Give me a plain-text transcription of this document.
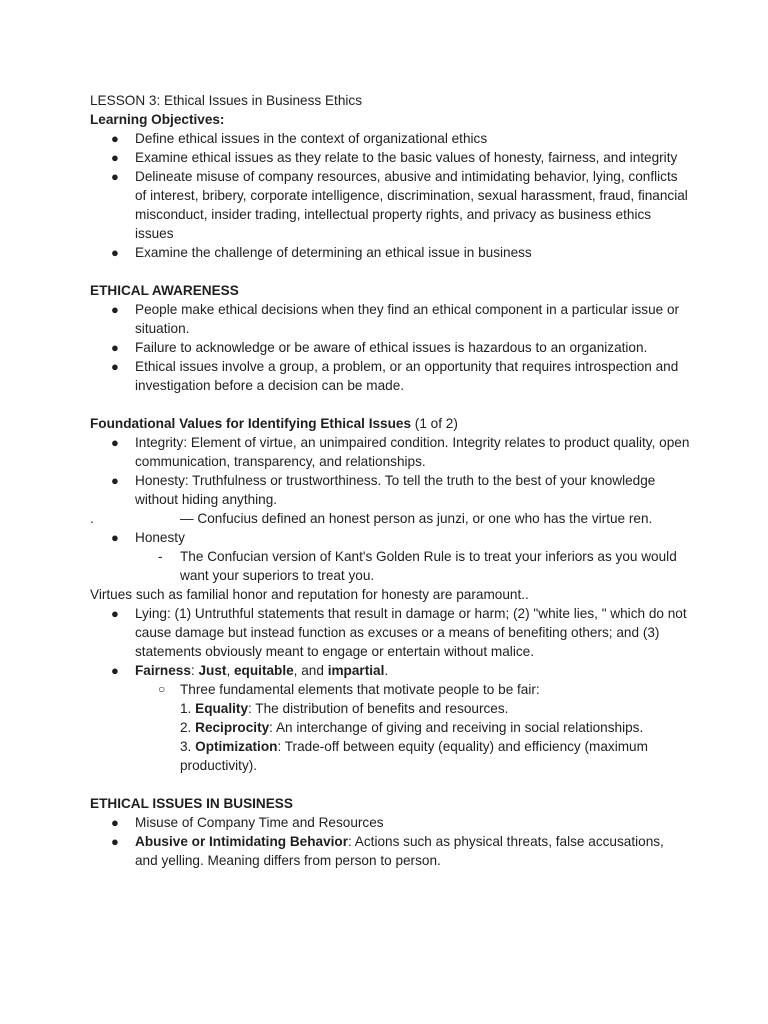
LESSON 3: Ethical Issues in Business Ethics

Learning Objectives:

● Define ethical issues in the context of organizational ethics
● Examine ethical issues as they relate to the basic values of honesty, fairness, and integrity
● Delineate misuse of company resources, abusive and intimidating behavior, lying, conflicts of interest, bribery, corporate intelligence, discrimination, sexual harassment, fraud, financial misconduct, insider trading, intellectual property rights, and privacy as business ethics issues
● Examine the challenge of determining an ethical issue in business

ETHICAL AWARENESS

● People make ethical decisions when they find an ethical component in a particular issue or situation.
● Failure to acknowledge or be aware of ethical issues is hazardous to an organization.
● Ethical issues involve a group, a problem, or an opportunity that requires introspection and investigation before a decision can be made.

Foundational Values for Identifying Ethical Issues (1 of 2)

● Integrity: Element of virtue, an unimpaired condition. Integrity relates to product quality, open communication, transparency, and relationships.
● Honesty: Truthfulness or trustworthiness. To tell the truth to the best of your knowledge without hiding anything.

.	— Confucius defined an honest person as junzi, or one who has the virtue ren.

● Honesty
- The Confucian version of Kant's Golden Rule is to treat your inferiors as you would want your superiors to treat you.

Virtues such as familial honor and reputation for honesty are paramount..

● Lying: (1) Untruthful statements that result in damage or harm; (2) "white lies, " which do not cause damage but instead function as excuses or a means of benefiting others; and (3) statements obviously meant to engage or entertain without malice.
● Fairness: Just, equitable, and impartial.
○ Three fundamental elements that motivate people to be fair:

1. Equality: The distribution of benefits and resources.

2. Reciprocity: An interchange of giving and receiving in social relationships.

3. Optimization: Trade-off between equity (equality) and efficiency (maximum productivity).

ETHICAL ISSUES IN BUSINESS

● Misuse of Company Time and Resources
● Abusive or Intimidating Behavior: Actions such as physical threats, false accusations, and yelling. Meaning differs from person to person.
